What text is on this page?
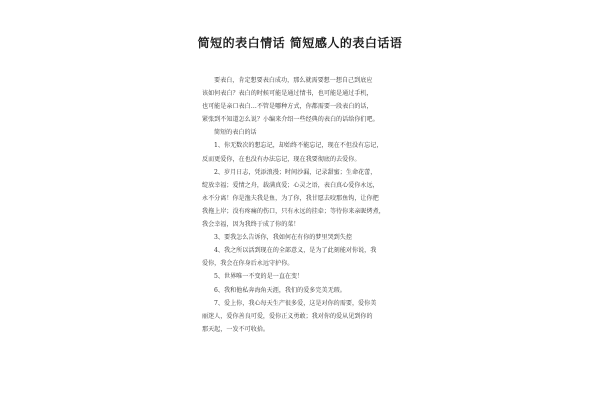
简短的表白情话 简短感人的表白话语
要表白，肯定想要表白成功，那么就需要想一想自己到底应
该如何表白？表白的时候可能是通过情书，也可能是通过手机，
也可能是亲口表白…不管是哪种方式，你都需要一段表白的话，
紧张到不知道怎么说？小编来介绍一些经典的表白的话给你们吧。
简短的表白的话
1、你无数次的想忘记，却始终不能忘记，现在不但没有忘记，
反而更爱你，在也没有办法忘记，现在我要彻底的去爱你。
2、岁月日志，凭添浪漫；时间沙漏，记录甜蜜；生命花蕾，
绽放幸福；爱情之舟，载满真爱；心灵之语，表白真心爱你永远，
永不分离！你是渔夫我是鱼，为了你，我甘愿去咬那鱼钩，让你把
我拖上岸；没有疼痛的伤口，只有永远的挂牵；等待你来亲昵烤煮，
我会幸福，因为我终于成了你的菜！
3、要我怎么告诉你，我如何在有你的梦里哭到失控
4、我之所以活到现在的全部意义，是为了此刻能对你说，我
爱你，我会在你身后永远守护你。
5、世界唯一不变的是一直在变！
6、我和他私奔海角天涯，我们的爱多完美无瑕。
7、爱上你，我心每天生产很多爱，这是对你的需要，爱你美
丽迷人，爱你善良可爱，爱你正义勇敢；我对你的爱从见到你的
那天起，一发不可收拾。
